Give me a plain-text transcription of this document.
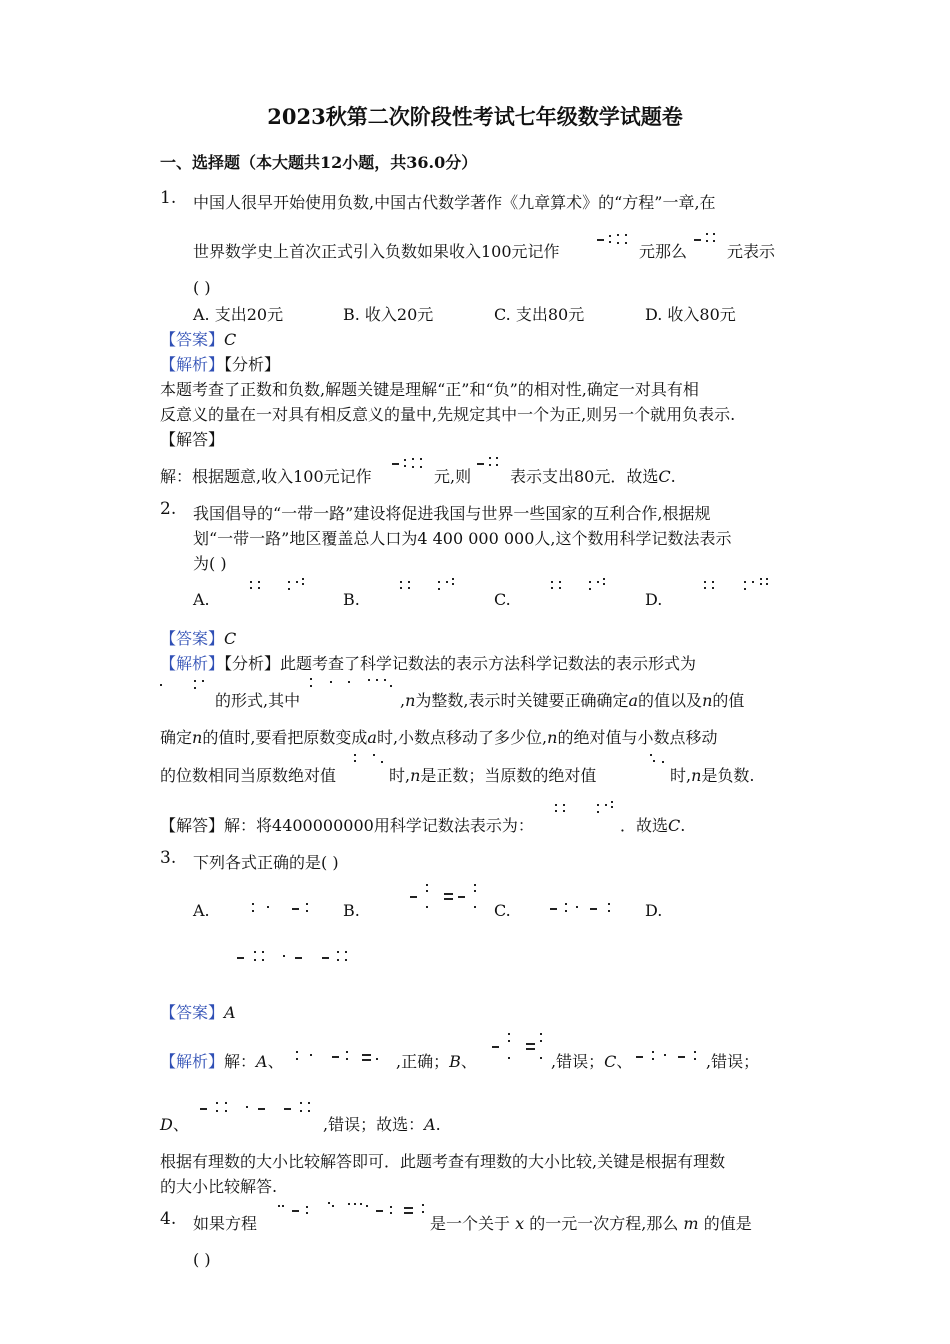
2023秋第二次阶段性考试七年级数学试题卷
一、选择题（本大题共12小题，共36.0分）
1. 中国人很早开始使用负数,中国古代数学著作《九章算术》的“方程”一章,在
世界数学史上首次正式引入负数如果收入100元记作	元那么 元表示
( )
A. 支出20元	B. 收入20元	C. 支出80元	D. 收入80元
【答案】C
【解析】【分析】
本题考查了正数和负数,解题关键是理解“正”和“负”的相对性,确定一对具有相
反意义的量在一对具有相反意义的量中,先规定其中一个为正,则另一个就用负表示.
【解答】
解：根据题意,收入100元记作	元,则 表示支出80元．故选C.
2. 我国倡导的“一带一路”建设将促进我国与世界一些国家的互利合作,根据规
划“一带一路”地区覆盖总人口为4 400 000 000人,这个数用科学记数法表示
为( )
A.	B.	C.	D.
【答案】C
【解析】【分析】此题考查了科学记数法的表示方法科学记数法的表示形式为
的形式,其中	,n为整数,表示时关键要正确确定a的值以及n的值
确定n的值时,要看把原数变成a时,小数点移动了多少位,n的绝对值与小数点移动
的位数相同当原数绝对值	时,n是正数；当原数的绝对值	时,n是负数.
【解答】解：将4400000000用科学记数法表示为：	．故选C.
3. 下列各式正确的是( )
A.	B.	C.	D.
【答案】A
【解析】解：A、	,正确；B、	,错误；C、	,错误；
D、	,错误；故选：A.
根据有理数的大小比较解答即可．此题考查有理数的大小比较,关键是根据有理数
的大小比较解答.
4. 如果方程	是一个关于 x 的一元一次方程,那么 m 的值是
( )
